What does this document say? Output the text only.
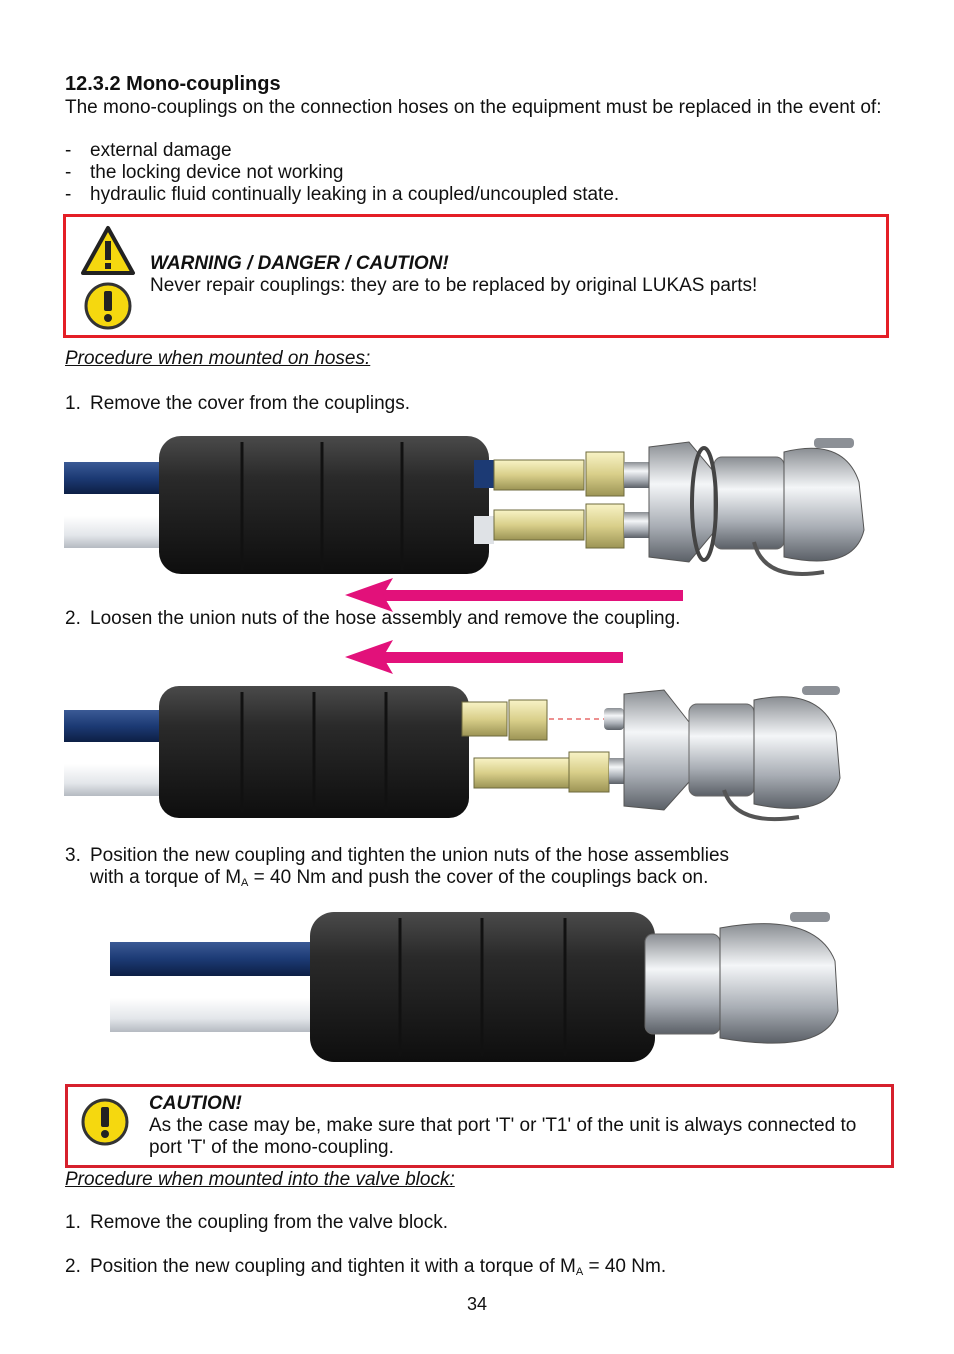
12.3.2 Mono-couplings
The mono-couplings on the connection hoses on the equipment must be replaced in the event of:
- external damage
- the locking device not working
- hydraulic fluid continually leaking in a coupled/uncoupled state.
WARNING / DANGER / CAUTION!
Never repair couplings: they are to be replaced by original LUKAS parts!
Procedure when mounted on hoses:
1. Remove the cover from the couplings.
2. Loosen the union nuts of the hose assembly and remove the coupling.
3. Position the new coupling and tighten the union nuts of the hose assemblies
with a torque of $M_A = 40$ Nm and push the cover of the couplings back on.
CAUTION!
As the case may be, make sure that port 'T' or 'T1' of the unit is always connected to port 'T' of the mono-coupling.
Procedure when mounted into the valve block:
1. Remove the coupling from the valve block.
2. Position the new coupling and tighten it with a torque of $M_A = 40$ Nm.
34
